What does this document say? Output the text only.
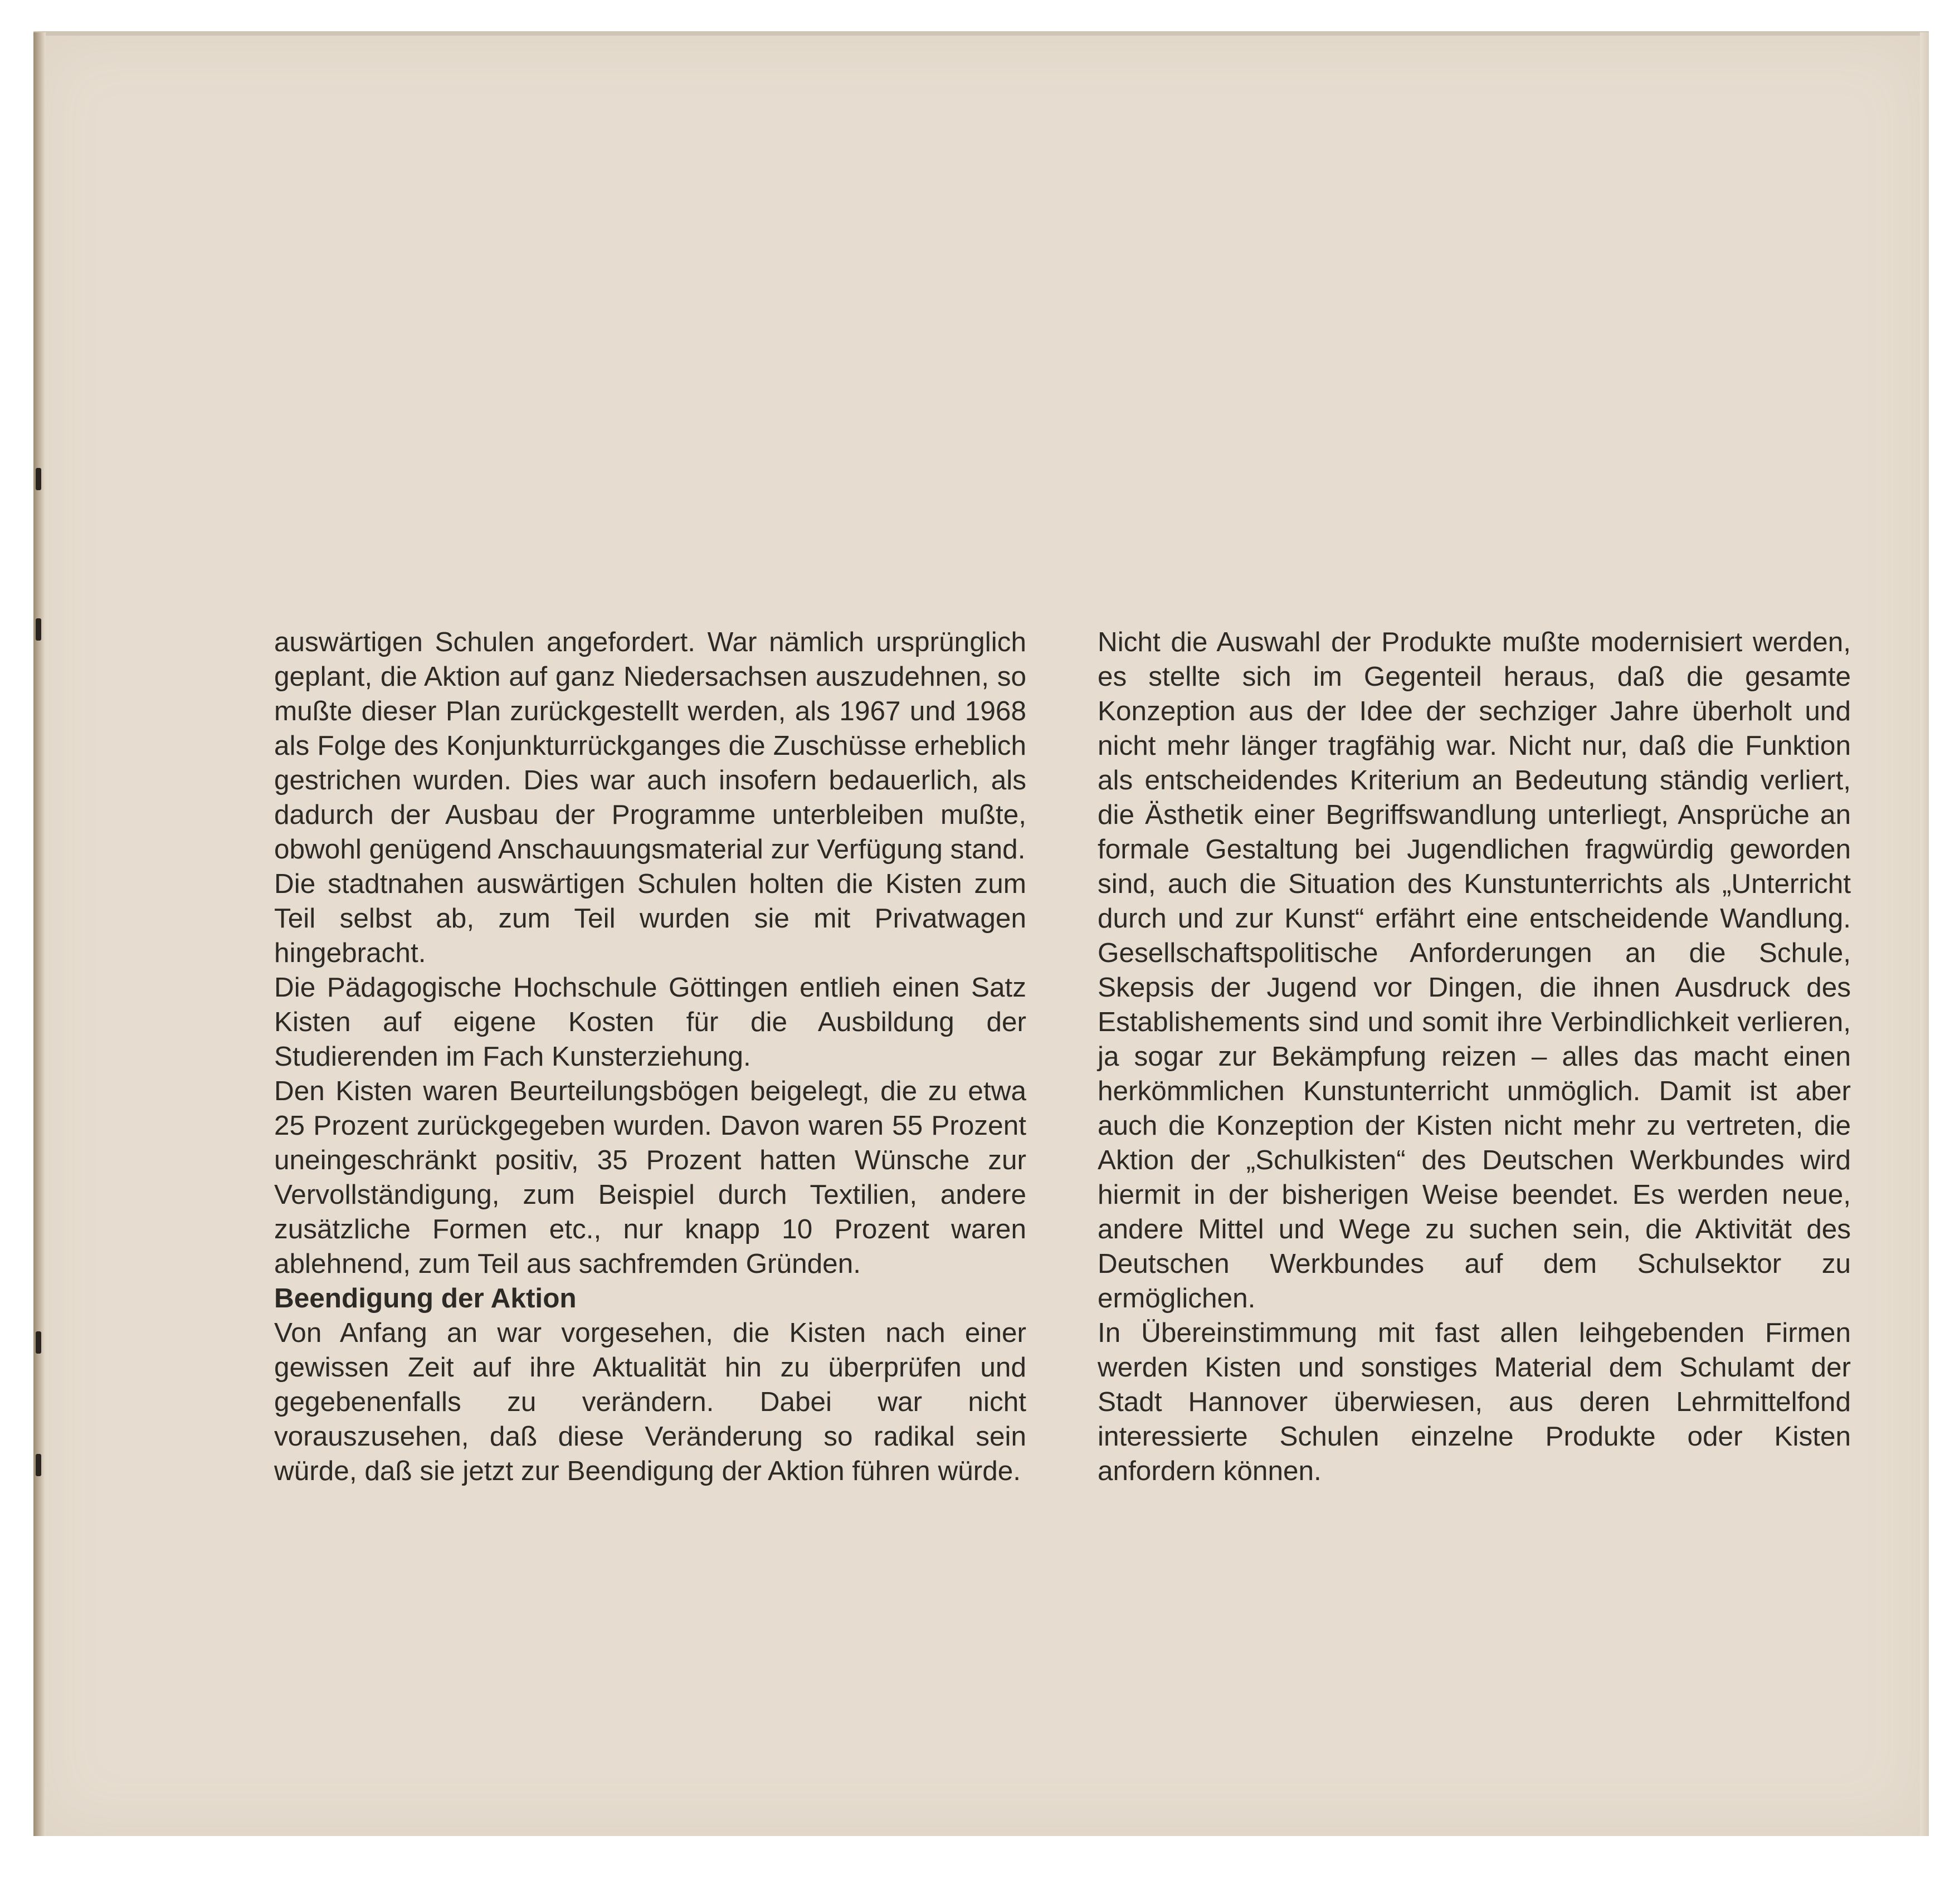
auswärtigen Schulen angefordert. War nämlich ursprünglich geplant, die Aktion auf ganz Niedersachsen auszudehnen, so mußte dieser Plan zurückgestellt werden, als 1967 und 1968 als Folge des Konjunkturrückganges die Zuschüsse erheblich gestrichen wurden. Dies war auch insofern bedauerlich, als dadurch der Ausbau der Programme unterbleiben mußte, obwohl genügend Anschauungsmaterial zur Verfügung stand.

Die stadtnahen auswärtigen Schulen holten die Kisten zum Teil selbst ab, zum Teil wurden sie mit Privatwagen hingebracht.

Die Pädagogische Hochschule Göttingen entlieh einen Satz Kisten auf eigene Kosten für die Ausbildung der Studierenden im Fach Kunsterziehung.

Den Kisten waren Beurteilungsbögen beigelegt, die zu etwa 25 Prozent zurückgegeben wurden. Davon waren 55 Prozent uneingeschränkt positiv, 35 Prozent hatten Wünsche zur Vervollständigung, zum Beispiel durch Textilien, andere zusätzliche Formen etc., nur knapp 10 Prozent waren ablehnend, zum Teil aus sachfremden Gründen.

Beendigung der Aktion

Von Anfang an war vorgesehen, die Kisten nach einer gewissen Zeit auf ihre Aktualität hin zu überprüfen und gegebenenfalls zu verändern. Dabei war nicht vorauszusehen, daß diese Veränderung so radikal sein würde, daß sie jetzt zur Beendigung der Aktion führen würde.

Nicht die Auswahl der Produkte mußte modernisiert werden, es stellte sich im Gegenteil heraus, daß die gesamte Konzeption aus der Idee der sechziger Jahre überholt und nicht mehr länger tragfähig war. Nicht nur, daß die Funktion als entscheidendes Kriterium an Bedeutung ständig verliert, die Ästhetik einer Begriffswandlung unterliegt, Ansprüche an formale Gestaltung bei Jugendlichen fragwürdig geworden sind, auch die Situation des Kunstunterrichts als „Unterricht durch und zur Kunst“ erfährt eine entscheidende Wandlung. Gesellschaftspolitische Anforderungen an die Schule, Skepsis der Jugend vor Dingen, die ihnen Ausdruck des Establishements sind und somit ihre Verbindlichkeit verlieren, ja sogar zur Bekämpfung reizen – alles das macht einen herkömmlichen Kunstunterricht unmöglich. Damit ist aber auch die Konzeption der Kisten nicht mehr zu vertreten, die Aktion der „Schulkisten“ des Deutschen Werkbundes wird hiermit in der bisherigen Weise beendet. Es werden neue, andere Mittel und Wege zu suchen sein, die Aktivität des Deutschen Werkbundes auf dem Schulsektor zu ermöglichen.

In Übereinstimmung mit fast allen leihgebenden Firmen werden Kisten und sonstiges Material dem Schulamt der Stadt Hannover überwiesen, aus deren Lehrmittelfond interessierte Schulen einzelne Produkte oder Kisten anfordern können.
